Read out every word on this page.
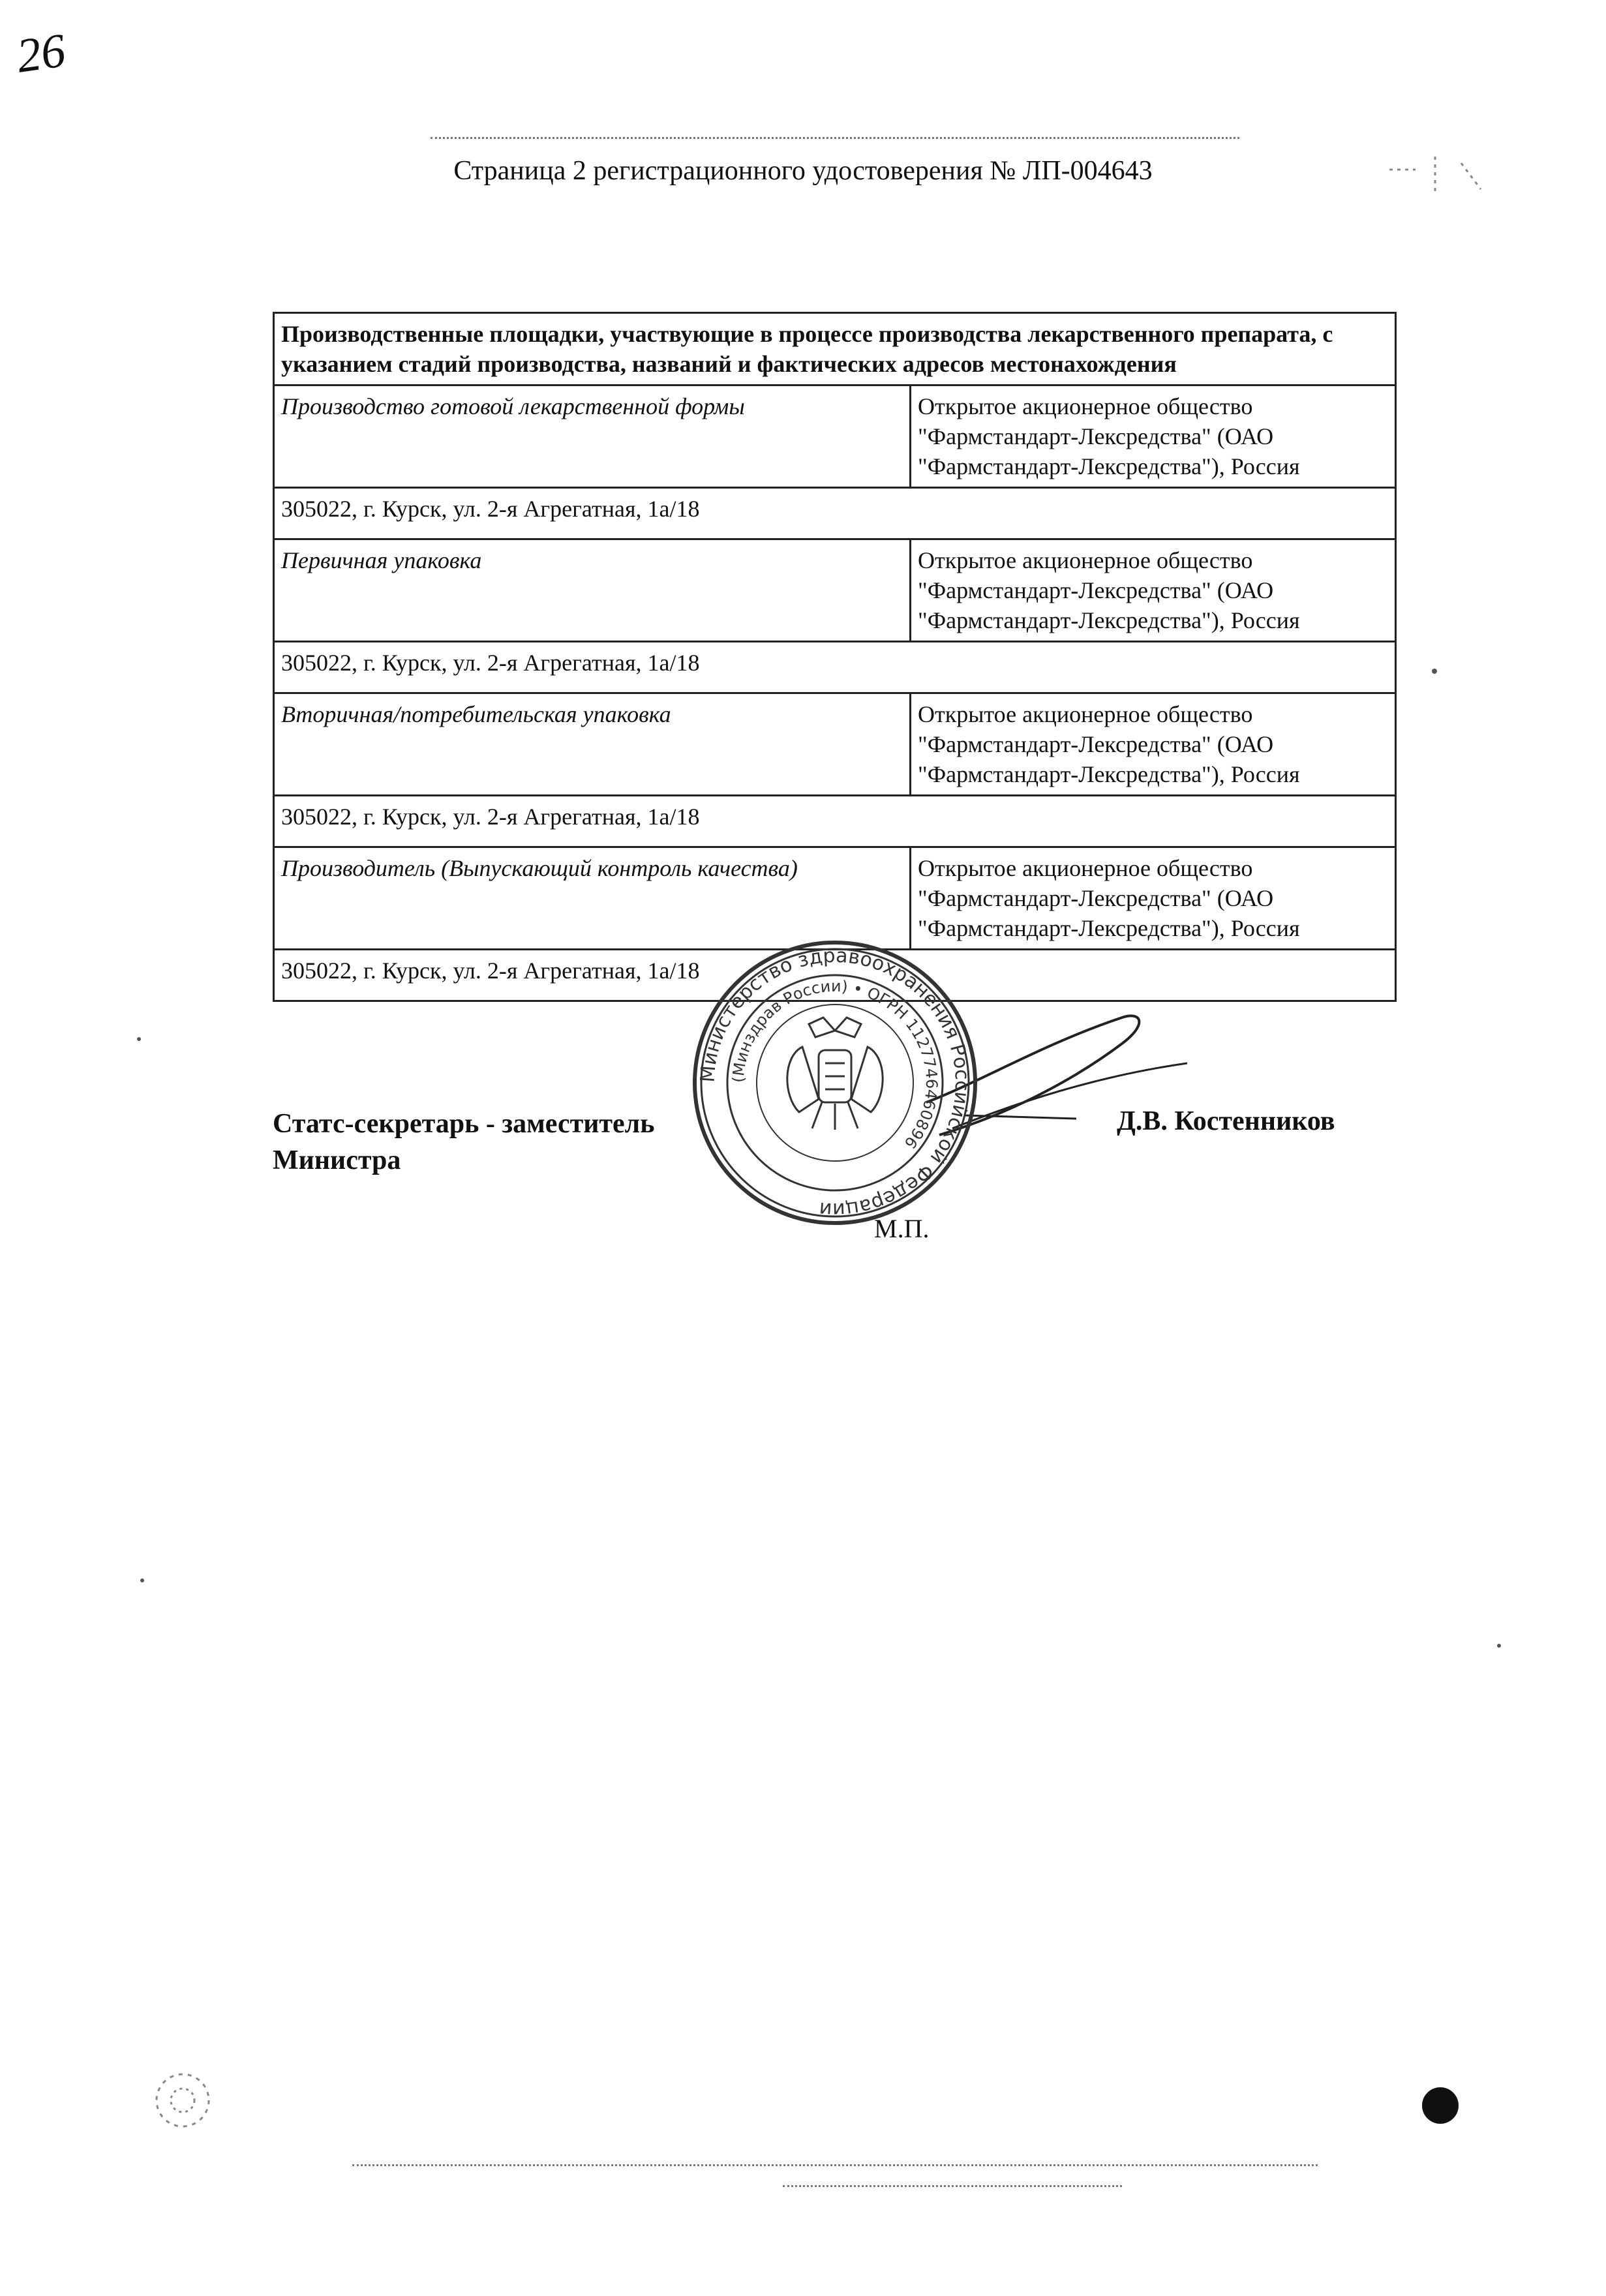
26
Страница 2 регистрационного удостоверения № ЛП-004643
Производственные площадки, участвующие в процессе производства лекарственного препарата, с указанием стадий производства, названий и фактических адресов местонахождения	
Производство готовой лекарственной формы	Открытое акционерное общество "Фармстандарт-Лексредства" (ОАО "Фармстандарт-Лексредства"), Россия
305022, г. Курск, ул. 2-я Агрегатная, 1а/18	
Первичная упаковка	Открытое акционерное общество "Фармстандарт-Лексредства" (ОАО "Фармстандарт-Лексредства"), Россия
305022, г. Курск, ул. 2-я Агрегатная, 1а/18	
Вторичная/потребительская упаковка	Открытое акционерное общество "Фармстандарт-Лексредства" (ОАО "Фармстандарт-Лексредства"), Россия
305022, г. Курск, ул. 2-я Агрегатная, 1а/18	
Производитель (Выпускающий контроль качества)	Открытое акционерное общество "Фармстандарт-Лексредства" (ОАО "Фармстандарт-Лексредства"), Россия
305022, г. Курск, ул. 2-я Агрегатная, 1а/18	
Статс-секретарь - заместитель Министра
Д.В. Костенников
Министерство здравоохранения Российской Федерации
(Минздрав России) • ОГРН 1127746460896
М.П.
